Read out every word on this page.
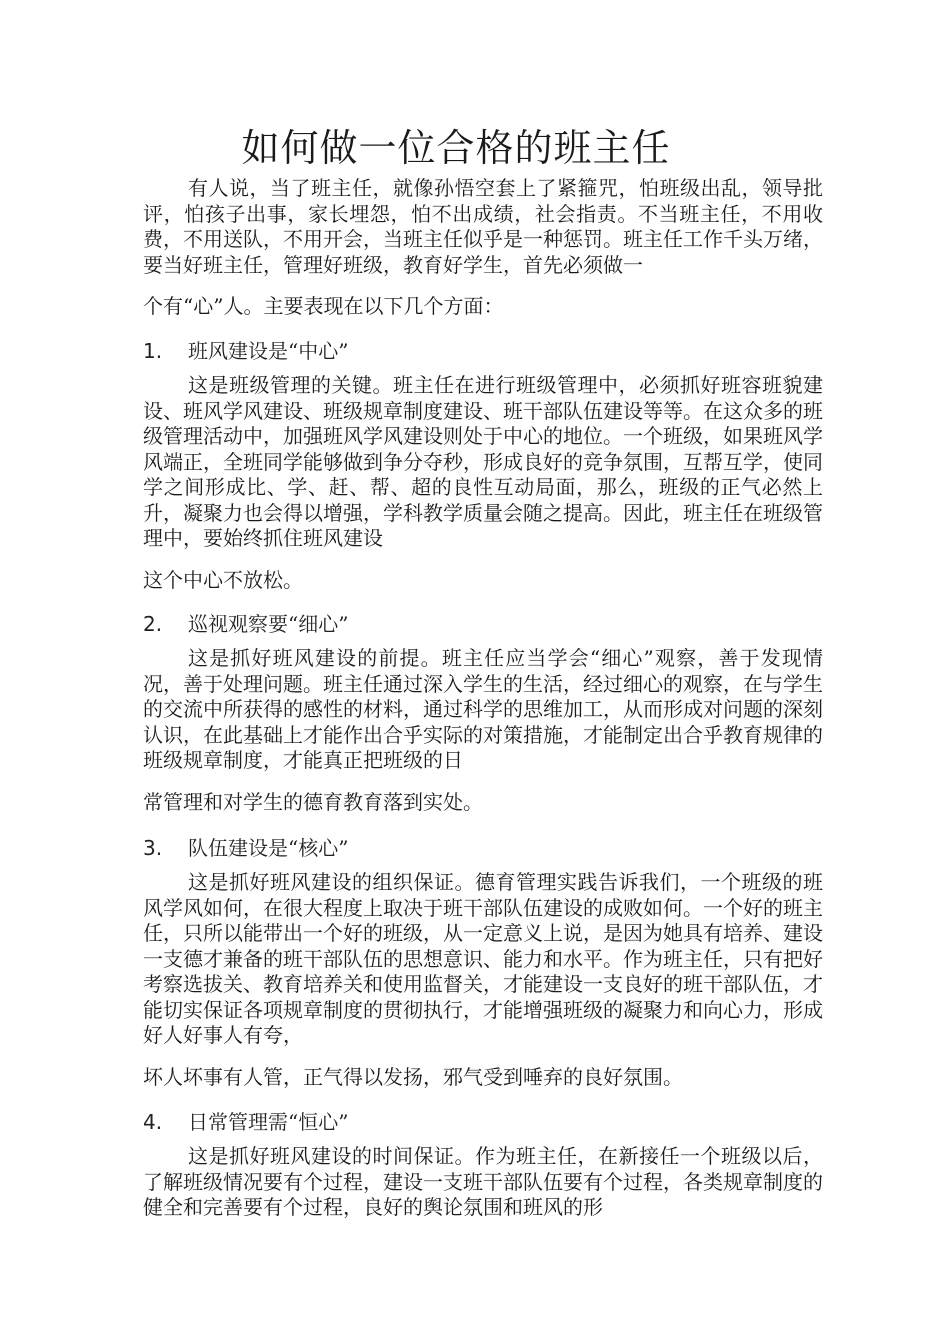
如何做一位合格的班主任

有人说，当了班主任，就像孙悟空套上了紧箍咒，怕班级出乱，领导批评，怕孩子出事，家长埋怨，怕不出成绩，社会指责。不当班主任，不用收费，不用送队，不用开会，当班主任似乎是一种惩罚。班主任工作千头万绪，要当好班主任，管理好班级，教育好学生，首先必须做一
个有“心”人。主要表现在以下几个方面：

1. 班风建设是“中心”

这是班级管理的关键。班主任在进行班级管理中，必须抓好班容班貌建设、班风学风建设、班级规章制度建设、班干部队伍建设等等。在这众多的班级管理活动中，加强班风学风建设则处于中心的地位。一个班级，如果班风学风端正，全班同学能够做到争分夺秒，形成良好的竞争氛围，互帮互学，使同学之间形成比、学、赶、帮、超的良性互动局面，那么，班级的正气必然上升，凝聚力也会得以增强，学科教学质量会随之提高。因此，班主任在班级管理中，要始终抓住班风建设
这个中心不放松。

2. 巡视观察要“细心”

这是抓好班风建设的前提。班主任应当学会“细心”观察，善于发现情况，善于处理问题。班主任通过深入学生的生活，经过细心的观察，在与学生的交流中所获得的感性的材料，通过科学的思维加工，从而形成对问题的深刻认识，在此基础上才能作出合乎实际的对策措施，才能制定出合乎教育规律的班级规章制度，才能真正把班级的日
常管理和对学生的德育教育落到实处。

3. 队伍建设是“核心”

这是抓好班风建设的组织保证。德育管理实践告诉我们，一个班级的班风学风如何，在很大程度上取决于班干部队伍建设的成败如何。一个好的班主任，只所以能带出一个好的班级，从一定意义上说，是因为她具有培养、建设一支德才兼备的班干部队伍的思想意识、能力和水平。作为班主任，只有把好考察选拔关、教育培养关和使用监督关，才能建设一支良好的班干部队伍，才能切实保证各项规章制度的贯彻执行，才能增强班级的凝聚力和向心力，形成好人好事人有夸，
坏人坏事有人管，正气得以发扬，邪气受到唾弃的良好氛围。

4. 日常管理需“恒心”

这是抓好班风建设的时间保证。作为班主任，在新接任一个班级以后，了解班级情况要有个过程，建设一支班干部队伍要有个过程，各类规章制度的健全和完善要有个过程，良好的舆论氛围和班风的形
